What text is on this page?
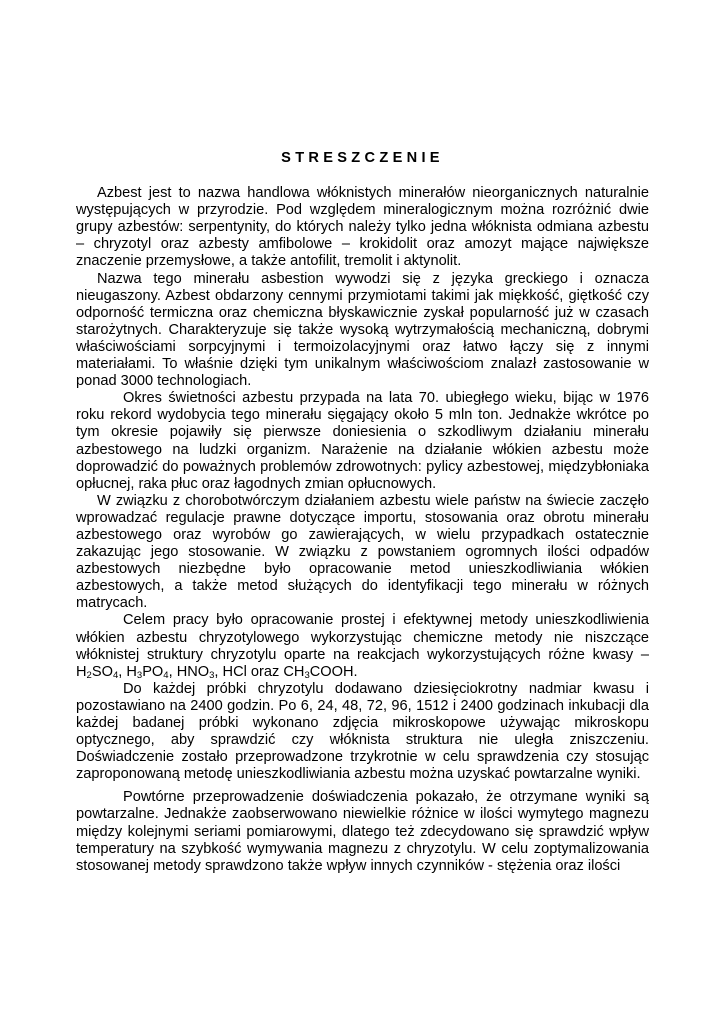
STRESZCZENIE

Azbest jest to nazwa handlowa włóknistych minerałów nieorganicznych naturalnie występujących w przyrodzie. Pod względem mineralogicznym można rozróżnić dwie grupy azbestów: serpentynity, do których należy tylko jedna włóknista odmiana azbestu – chryzotyl oraz azbesty amfibolowe – krokidolit oraz amozyt mające największe znaczenie przemysłowe, a także antofilit, tremolit i aktynolit.

Nazwa tego minerału asbestion wywodzi się z języka greckiego i oznacza nieugaszony. Azbest obdarzony cennymi przymiotami takimi jak miękkość, giętkość czy odporność termiczna oraz chemiczna błyskawicznie zyskał popularność już w czasach starożytnych. Charakteryzuje się także wysoką wytrzymałością mechaniczną, dobrymi właściwościami sorpcyjnymi i termoizolacyjnymi oraz łatwo łączy się z innymi materiałami. To właśnie dzięki tym unikalnym właściwościom znalazł zastosowanie w ponad 3000 technologiach.

Okres świetności azbestu przypada na lata 70. ubiegłego wieku, bijąc w 1976 roku rekord wydobycia tego minerału sięgający około 5 mln ton. Jednakże wkrótce po tym okresie pojawiły się pierwsze doniesienia o szkodliwym działaniu minerału azbestowego na ludzki organizm. Narażenie na działanie włókien azbestu może doprowadzić do poważnych problemów zdrowotnych: pylicy azbestowej, międzybłoniaka opłucnej, raka płuc oraz łagodnych zmian opłucnowych.

W związku z chorobotwórczym działaniem azbestu wiele państw na świecie zaczęło wprowadzać regulacje prawne dotyczące importu, stosowania oraz obrotu minerału azbestowego oraz wyrobów go zawierających, w wielu przypadkach ostatecznie zakazując jego stosowanie. W związku z powstaniem ogromnych ilości odpadów azbestowych niezbędne było opracowanie metod unieszkodliwiania włókien azbestowych, a także metod służących do identyfikacji tego minerału w różnych matrycach.

Celem pracy było opracowanie prostej i efektywnej metody unieszkodliwienia włókien azbestu chryzotylowego wykorzystując chemiczne metody nie niszczące włóknistej struktury chryzotylu oparte na reakcjach wykorzystujących różne kwasy – $H_2SO_4$, $H_3PO_4$, $HNO_3$, HCl oraz $CH_3COOH$.

Do każdej próbki chryzotylu dodawano dziesięciokrotny nadmiar kwasu i pozostawiano na 2400 godzin. Po 6, 24, 48, 72, 96, 1512 i 2400 godzinach inkubacji dla każdej badanej próbki wykonano zdjęcia mikroskopowe używając mikroskopu optycznego, aby sprawdzić czy włóknista struktura nie uległa zniszczeniu. Doświadczenie zostało przeprowadzone trzykrotnie w celu sprawdzenia czy stosując zaproponowaną metodę unieszkodliwiania azbestu można uzyskać powtarzalne wyniki.

Powtórne przeprowadzenie doświadczenia pokazało, że otrzymane wyniki są powtarzalne. Jednakże zaobserwowano niewielkie różnice w ilości wymytego magnezu między kolejnymi seriami pomiarowymi, dlatego też zdecydowano się sprawdzić wpływ temperatury na szybkość wymywania magnezu z chryzotylu. W celu zoptymalizowania stosowanej metody sprawdzono także wpływ innych czynników - stężenia oraz ilości
